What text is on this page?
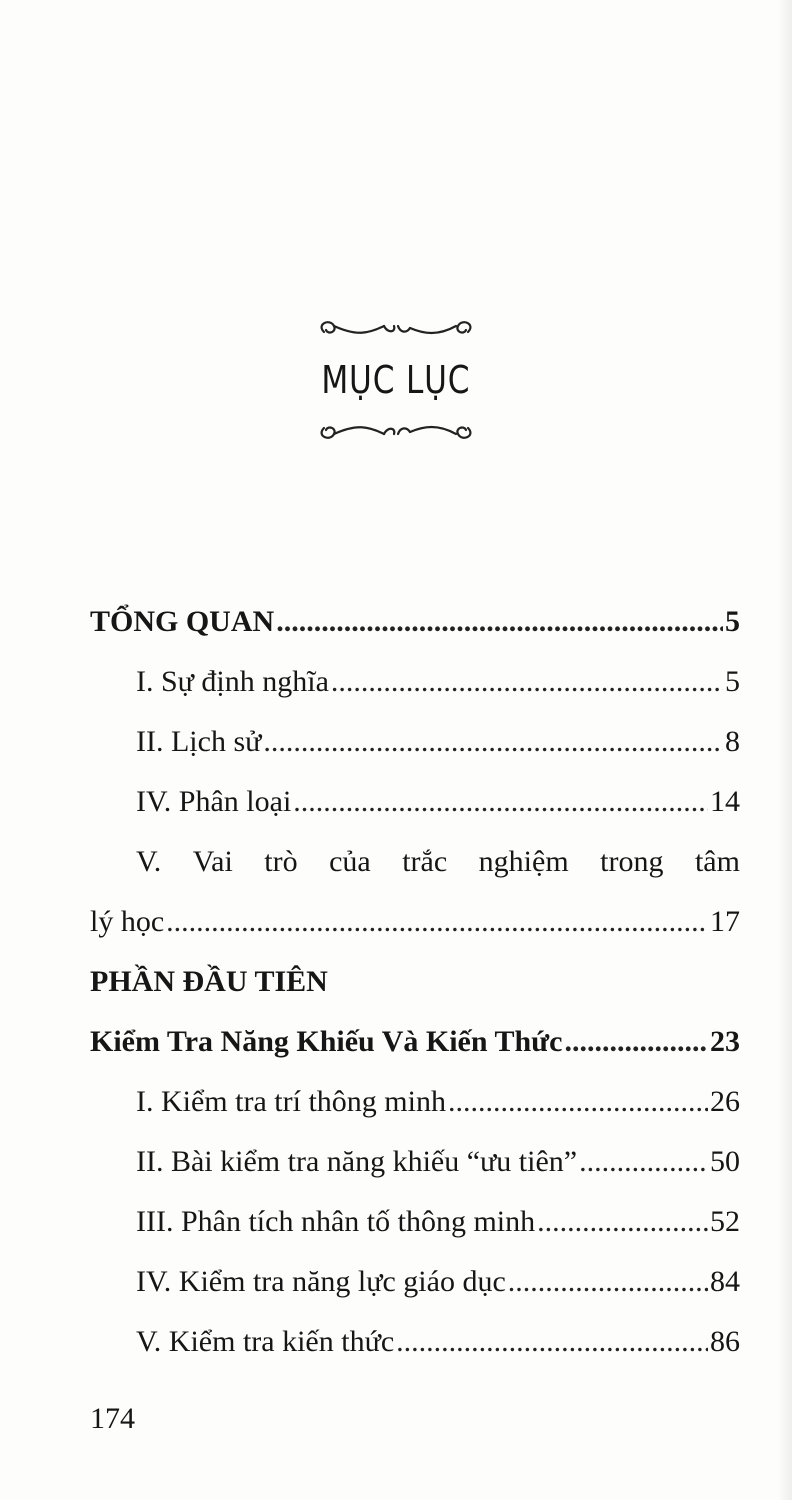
MỤC LỤC
TỔNG QUAN .....	5
I. Sự định nghĩa .....	5
II. Lịch sử .....	8
IV. Phân loại .....	14
V. Vai trò của trắc nghiệm trong tâm
lý học .....	17
PHẦN ĐẦU TIÊN
Kiểm Tra Năng Khiếu Và Kiến Thức .....	23
I. Kiểm tra trí thông minh .....	26
II. Bài kiểm tra năng khiếu “ưu tiên” .....	50
III. Phân tích nhân tố thông minh .....	52
IV. Kiểm tra năng lực giáo dục .....	84
V. Kiểm tra kiến thức .....	86
174
